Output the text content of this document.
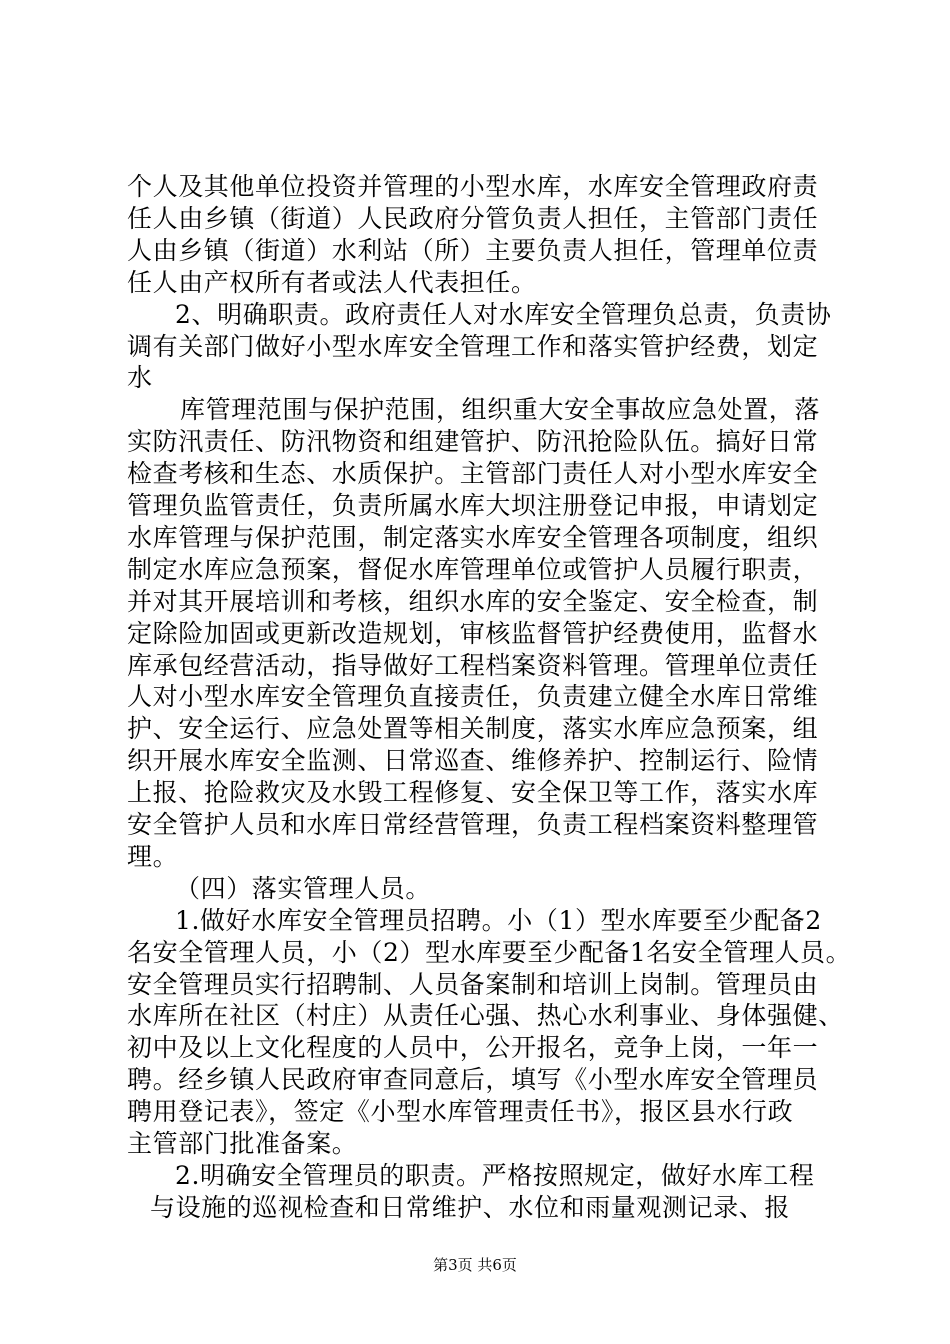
个人及其他单位投资并管理的小型水库，水库安全管理政府责
任人由乡镇（街道）人民政府分管负责人担任，主管部门责任
人由乡镇（街道）水利站（所）主要负责人担任，管理单位责
任人由产权所有者或法人代表担任。
2、明确职责。政府责任人对水库安全管理负总责，负责协
调有关部门做好小型水库安全管理工作和落实管护经费，划定
水
库管理范围与保护范围，组织重大安全事故应急处置，落
实防汛责任、防汛物资和组建管护、防汛抢险队伍。搞好日常
检查考核和生态、水质保护。主管部门责任人对小型水库安全
管理负监管责任，负责所属水库大坝注册登记申报，申请划定
水库管理与保护范围，制定落实水库安全管理各项制度，组织
制定水库应急预案，督促水库管理单位或管护人员履行职责，
并对其开展培训和考核，组织水库的安全鉴定、安全检查，制
定除险加固或更新改造规划，审核监督管护经费使用，监督水
库承包经营活动，指导做好工程档案资料管理。管理单位责任
人对小型水库安全管理负直接责任，负责建立健全水库日常维
护、安全运行、应急处置等相关制度，落实水库应急预案，组
织开展水库安全监测、日常巡查、维修养护、控制运行、险情
上报、抢险救灾及水毁工程修复、安全保卫等工作，落实水库
安全管护人员和水库日常经营管理，负责工程档案资料整理管
理。
（四）落实管理人员。
1.做好水库安全管理员招聘。小（1）型水库要至少配备2
名安全管理人员，小（2）型水库要至少配备1名安全管理人员。
安全管理员实行招聘制、人员备案制和培训上岗制。管理员由
水库所在社区（村庄）从责任心强、热心水利事业、身体强健、
初中及以上文化程度的人员中，公开报名，竞争上岗，一年一
聘。经乡镇人民政府审查同意后，填写《小型水库安全管理员
聘用登记表》，签定《小型水库管理责任书》，报区县水行政
主管部门批准备案。
2.明确安全管理员的职责。严格按照规定，做好水库工程
与设施的巡视检查和日常维护、水位和雨量观测记录、报
第3页 共6页
